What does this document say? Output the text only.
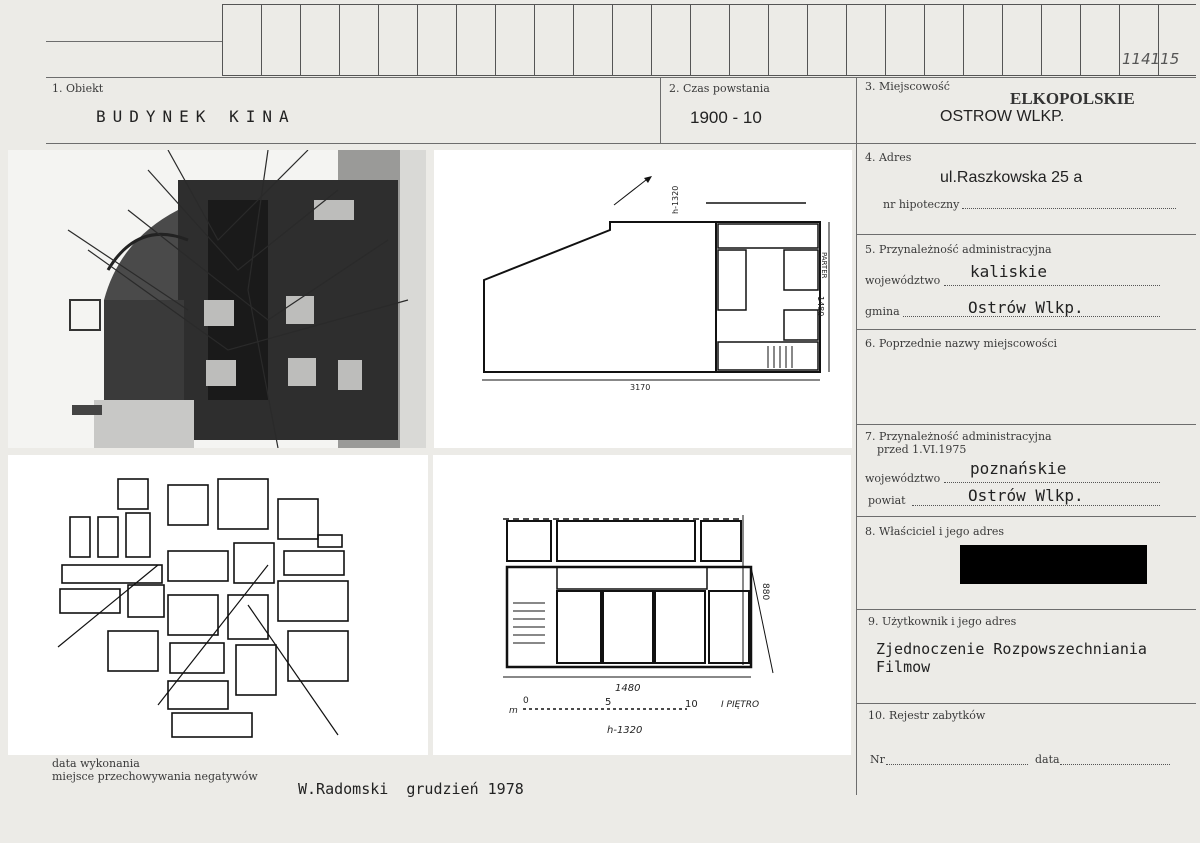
114115
1. Obiekt
BUDYNEK KINA
2. Czas powstania
1900 - 10
3. Miejscowość
ELKOPOLSKIE
OSTROW WLKP.
4. Adres
ul.Raszkowska 25 a
nr hipoteczny
5. Przynależność administracyjna
województwo kaliskie
gmina	Ostrów Wlkp.
6. Poprzednie nazwy miejscowości
7. Przynależność administracyjna
przed 1.VI.1975
województwo
poznańskie
powiat	Ostrów Wlkp.
8. Właściciel i jego adres
9. Użytkownik i jego adres
Zjednoczenie Rozpowszechniania
Filmow
10. Rejestr zabytków
Nr	data
data wykonania
miejsce przechowywania negatywów
W.Radomski  grudzień 1978
3170
1480
PARTER
h-1320
880
1480
m
0	5	10	I PIĘTRO
h-1320
